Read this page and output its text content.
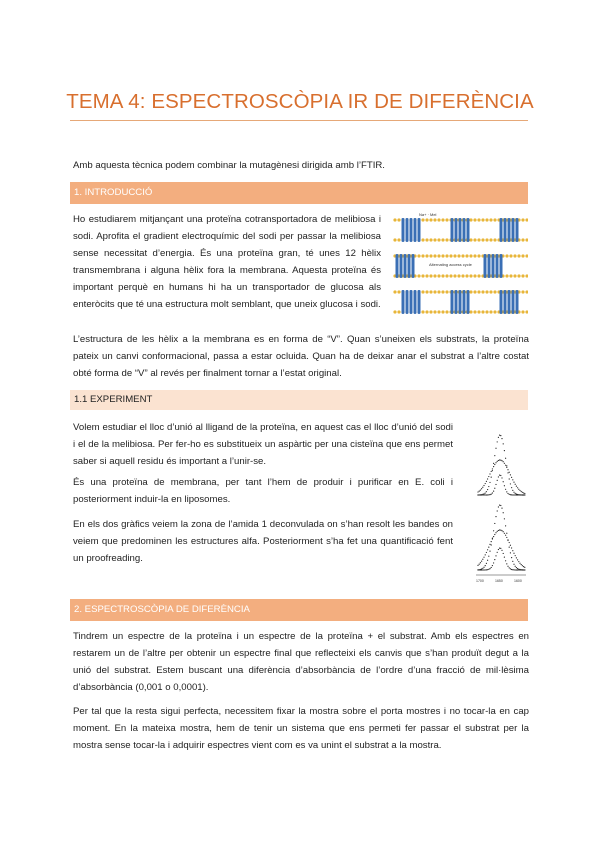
TEMA 4: ESPECTROSCÒPIA IR DE DIFERÈNCIA
Amb aquesta tècnica podem combinar la mutagènesi dirigida amb l’FTIR.
1. INTRODUCCIÓ
Ho estudiarem mitjançant una proteïna cotransportadora de melibiosa i sodi. Aprofita el gradient electroquímic del sodi per passar la melibiosa sense necessitat d’energia. És una proteïna gran, té unes 12 hèlix transmembrana i alguna hèlix fora la membrana. Aquesta proteïna és important perquè en humans hi ha un transportador de glucosa als enteròcits que té una estructura molt semblant, que uneix glucosa i sodi.
Na+ · Mel
Alternating access cycle
L’estructura de les hèlix a la membrana es en forma de “V”. Quan s’uneixen els substrats, la proteïna pateix un canvi conformacional, passa a estar ocluida. Quan ha de deixar anar el substrat a l’altre costat obté forma de “V” al revés per finalment tornar a l’estat original.
1.1 EXPERIMENT
Volem estudiar el lloc d’unió al lligand de la proteïna, en aquest cas el lloc d’unió del sodi i el de la melibiosa. Per fer-ho es substitueix un aspàrtic per una cisteïna que ens permet saber si aquell residu és important a l’unir-se.
És una proteïna de membrana, per tant l’hem de produir i purificar en E. coli i posteriorment induir-la en liposomes.
En els dos gràfics veiem la zona de l’amida 1 deconvulada on s’han resolt les bandes on veiem que predominen les estructures alfa. Posteriorment s’ha fet una quantificació fent un proofreading.
1700	1650	1600
2. ESPECTROSCÒPIA DE DIFERÈNCIA
Tindrem un espectre de la proteïna i un espectre de la proteïna + el substrat. Amb els espectres en restarem un de l’altre per obtenir un espectre final que reflecteixi els canvis que s’han produït degut a la unió del substrat. Estem buscant una diferència d’absorbància de l’ordre d’una fracció de mil·lèsima d’absorbància (0,001 o 0,0001).
Per tal que la resta sigui perfecta, necessitem fixar la mostra sobre el porta mostres i no tocar-la en cap moment. En la mateixa mostra, hem de tenir un sistema que ens permeti fer passar el substrat per la mostra sense tocar-la i adquirir espectres vient com es va unint el substrat a la mostra.
